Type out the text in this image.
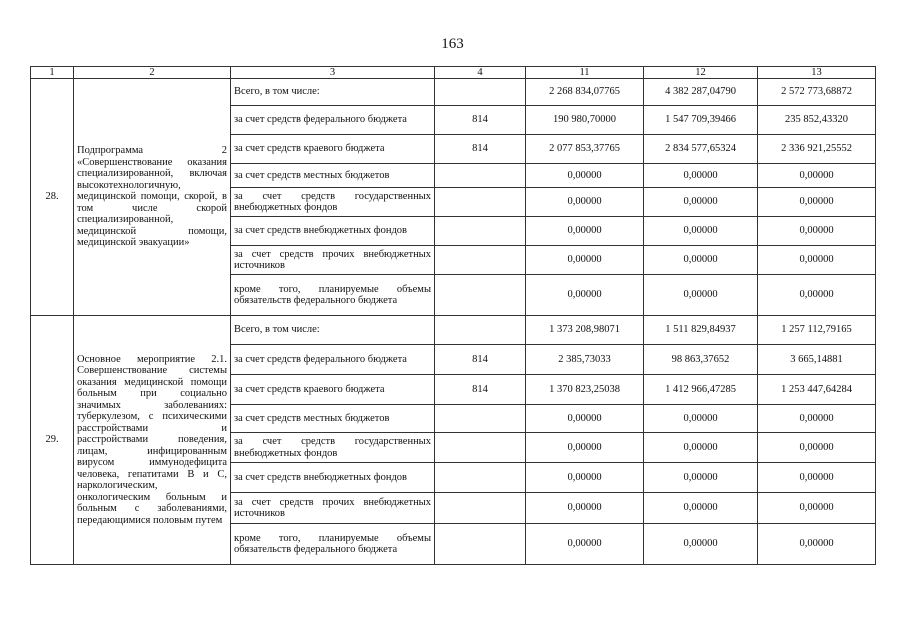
163
1	2	3	4	11	12	13
28.	Подпрограмма 2 «Совершенствование оказания специализированной, включая высокотехнологичную, медицинской помощи, скорой, в том числе скорой специализированной, медицинской помощи, медицинской эвакуации»	Всего, в том числе:		2 268 834,07765	4 382 287,04790	2 572 773,68872
		за счет средств федерального бюджета	814	190 980,70000	1 547 709,39466	235 852,43320
		за счет средств краевого бюджета	814	2 077 853,37765	2 834 577,65324	2 336 921,25552
		за счет средств местных бюджетов		0,00000	0,00000	0,00000
		за счет средств государственных внебюджетных фондов		0,00000	0,00000	0,00000
		за счет средств внебюджетных фондов		0,00000	0,00000	0,00000
		за счет средств прочих внебюджетных источников		0,00000	0,00000	0,00000
		кроме того, планируемые объемы обязательств федерального бюджета		0,00000	0,00000	0,00000
29.	Основное мероприятие 2.1. Совершенствование системы оказания медицинской помощи больным при социально значимых заболеваниях: туберкулезом, с психическими расстройствами и расстройствами поведения, лицам, инфицированным вирусом иммунодефицита человека, гепатитами В и С, наркологическим, онкологическим больным и больным с заболеваниями, передающимися половым путем	Всего, в том числе:		1 373 208,98071	1 511 829,84937	1 257 112,79165
		за счет средств федерального бюджета	814	2 385,73033	98 863,37652	3 665,14881
		за счет средств краевого бюджета	814	1 370 823,25038	1 412 966,47285	1 253 447,64284
		за счет средств местных бюджетов		0,00000	0,00000	0,00000
		за счет средств государственных внебюджетных фондов		0,00000	0,00000	0,00000
		за счет средств внебюджетных фондов		0,00000	0,00000	0,00000
		за счет средств прочих внебюджетных источников		0,00000	0,00000	0,00000
		кроме того, планируемые объемы обязательств федерального бюджета		0,00000	0,00000	0,00000
